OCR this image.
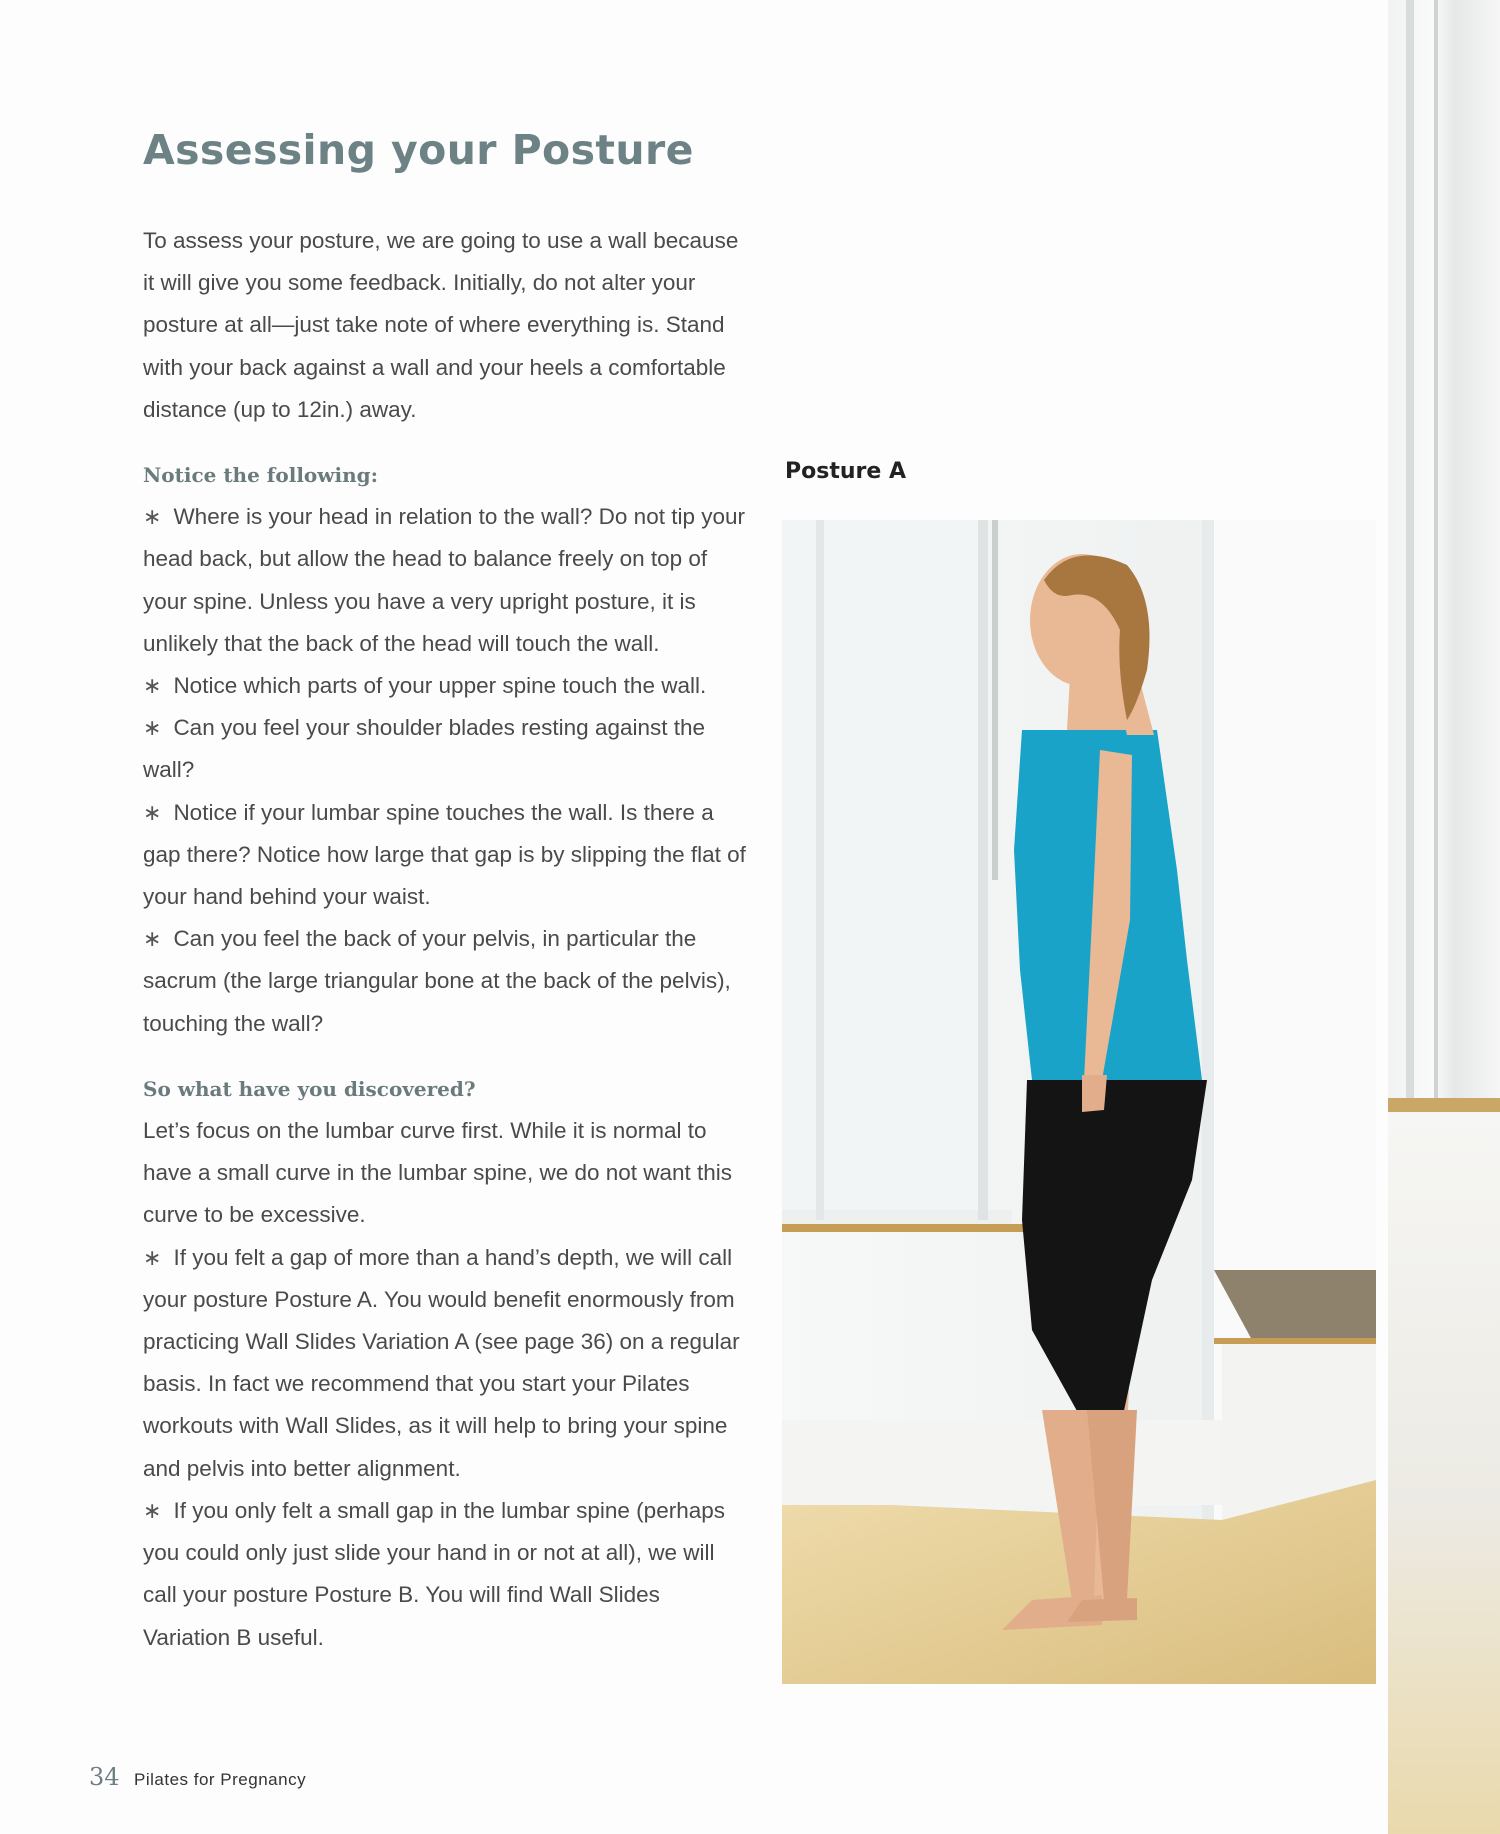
Assessing your Posture

To assess your posture, we are going to use a wall because it will give you some feedback. Initially, do not alter your posture at all—just take note of where everything is. Stand with your back against a wall and your heels a comfortable distance (up to 12in.) away.

Notice the following:

∗ Where is your head in relation to the wall? Do not tip your head back, but allow the head to balance freely on top of your spine. Unless you have a very upright posture, it is unlikely that the back of the head will touch the wall.

∗ Notice which parts of your upper spine touch the wall.

∗ Can you feel your shoulder blades resting against the wall?

∗ Notice if your lumbar spine touches the wall. Is there a gap there? Notice how large that gap is by slipping the flat of your hand behind your waist.

∗ Can you feel the back of your pelvis, in particular the sacrum (the large triangular bone at the back of the pelvis), touching the wall?

So what have you discovered?

Let’s focus on the lumbar curve first. While it is normal to have a small curve in the lumbar spine, we do not want this curve to be excessive.

∗ If you felt a gap of more than a hand’s depth, we will call your posture Posture A. You would benefit enormously from practicing Wall Slides Variation A (see page 36) on a regular basis. In fact we recommend that you start your Pilates workouts with Wall Slides, as it will help to bring your spine and pelvis into better alignment.

∗ If you only felt a small gap in the lumbar spine (perhaps you could only just slide your hand in or not at all), we will call your posture Posture B. You will find Wall Slides Variation B useful.

Posture A
34 Pilates for Pregnancy
